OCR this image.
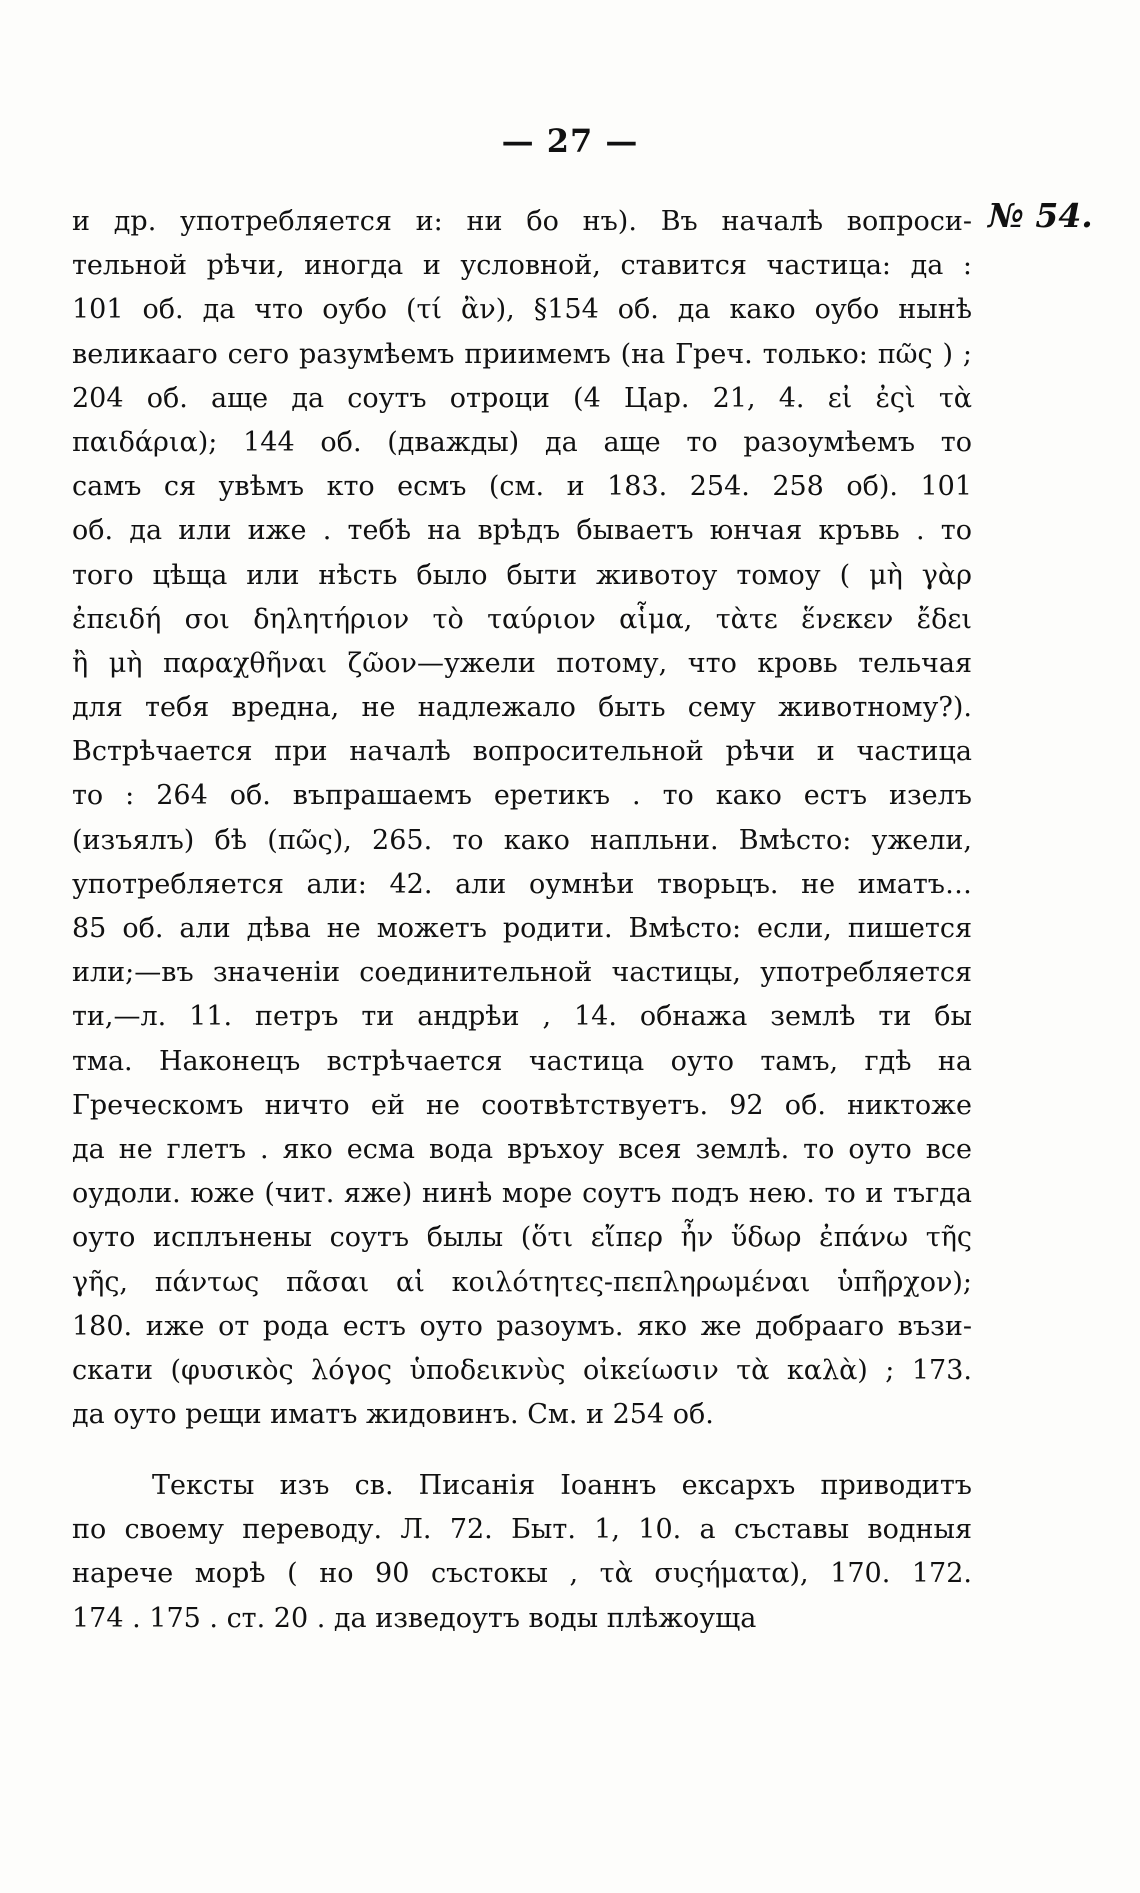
— 27 —
№ 54.
и др. употребляется и: ни бо нъ). Въ началѣ вопроси-
тельной рѣчи, иногда и условной, ставится частица: да :
101 об. да что оубо (τί ἂν), §154 об. да како оубо нынѣ
великааго сего разумѣемъ приимемъ (на Греч. только: πῶς ) ;
204 об. аще да соутъ отроци (4 Цар. 21, 4. εἰ ἐςὶ τὰ
παιδάρια); 144 об. (дважды) да аще то разоумѣемъ то
самъ ся увѣмъ кто есмъ (см. и 183. 254. 258 об). 101
об. да или иже . тебѣ на врѣдъ бываетъ юнчая кръвь . то
того цѣща или нѣсть было быти животоу томоу ( μὴ γὰρ
ἐπειδή σοι δηλητήριον τὸ ταύριον αἷμα, τὰτε ἕνεκεν ἔδει
ἢ μὴ παραχθῆναι ζῶον—ужели потому, что кровь тельчая
для тебя вредна, не надлежало быть сему животному?).
Встрѣчается при началѣ вопросительной рѣчи и частица
то : 264 об. въпрашаемъ еретикъ . то како естъ изелъ
(изъялъ) бѣ (πῶς), 265. то како напльни. Вмѣсто: ужели,
употребляется али: 42. али оумнѣи творьцъ. не иматъ…
85 об. али дѣва не можетъ родити. Вмѣсто: если, пишется
или;—въ значеніи соединительной частицы, употребляется
ти,—л. 11. петръ ти андрѣи , 14. обнажа землѣ ти бы
тма. Наконецъ встрѣчается частица оуто тамъ, гдѣ на
Греческомъ ничто ей не соотвѣтствуетъ. 92 об. никтоже
да не глетъ . яко есма вода връхоу всея землѣ. то оуто все
оудоли. юже (чит. яже) нинѣ море соутъ подъ нею. то и тъгда
оуто исплънены соутъ былы (ὅτι εἴπερ ἦν ὕδωρ ἐπάνω τῆς
γῆς, πάντως πᾶσαι αἱ κοιλότητες-πεπληρωμέναι ὑπῆρχον);
180. иже от рода естъ оуто разоумъ. яко же добрааго възи-
скати (φυσικὸς λόγος ὑποδεικνὺς οἰκείωσιν τὰ καλὰ) ; 173.
да оуто рещи иматъ жидовинъ. См. и 254 об.
Тексты изъ св. Писанія Іоаннъ ексархъ приводитъ
по своему переводу. Л. 72. Быт. 1, 10. а съставы водныя
нарече морѣ ( но 90 състокы , τὰ συςήματα), 170. 172.
174 . 175 . ст. 20 . да изведоутъ воды плѣжоуща
